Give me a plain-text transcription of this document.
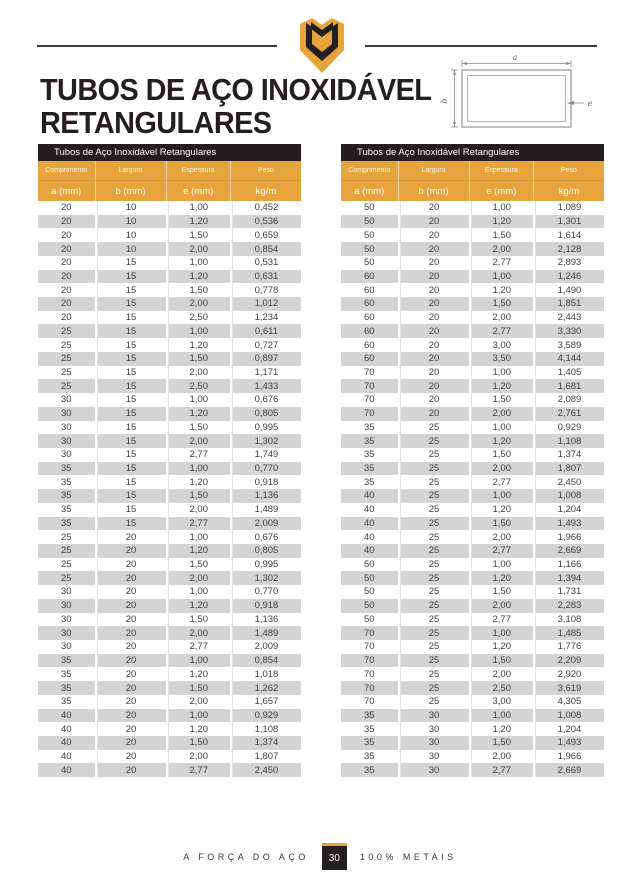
TUBOS DE AÇO INOXIDÁVEL
RETANGULARES
a
b	e
Tubos de Aço Inoxidável Retangulares
Comprimento	Largura	Espessura	Peso
a (mm)	b (mm)	e (mm)	kg/m
20	10	1,00	0,452
20	10	1,20	0,536
20	10	1,50	0,659
20	10	2,00	0,854
20	15	1,00	0,531
20	15	1,20	0,631
20	15	1,50	0,778
20	15	2,00	1,012
20	15	2,50	1,234
25	15	1,00	0,611
25	15	1,20	0,727
25	15	1,50	0,897
25	15	2,00	1,171
25	15	2,50	1,433
30	15	1,00	0,676
30	15	1,20	0,805
30	15	1,50	0,995
30	15	2,00	1,302
30	15	2,77	1,749
35	15	1,00	0,770
35	15	1,20	0,918
35	15	1,50	1,136
35	15	2,00	1,489
35	15	2,77	2,009
25	20	1,00	0,676
25	20	1,20	0,805
25	20	1,50	0,995
25	20	2,00	1,302
30	20	1,00	0,770
30	20	1,20	0,918
30	20	1,50	1,136
30	20	2,00	1,489
30	20	2,77	2,009
35	20	1,00	0,854
35	20	1,20	1,018
35	20	1,50	1,262
35	20	2,00	1,657
40	20	1,00	0,929
40	20	1,20	1,108
40	20	1,50	1,374
40	20	2,00	1,807
40	20	2,77	2,450
Tubos de Aço Inoxidável Retangulares
Comprimento	Largura	Espessura	Peso
a (mm)	b (mm)	e (mm)	kg/m
50	20	1,00	1,089
50	20	1,20	1,301
50	20	1,50	1,614
50	20	2,00	2,128
50	20	2,77	2,893
60	20	1,00	1,246
60	20	1,20	1,490
60	20	1,50	1,851
60	20	2,00	2,443
60	20	2,77	3,330
60	20	3,00	3,589
60	20	3,50	4,144
70	20	1,00	1,405
70	20	1,20	1,681
70	20	1,50	2,089
70	20	2,00	2,761
35	25	1,00	0,929
35	25	1,20	1,108
35	25	1,50	1,374
35	25	2,00	1,807
35	25	2,77	2,450
40	25	1,00	1,008
40	25	1,20	1,204
40	25	1,50	1,493
40	25	2,00	1,966
40	25	2,77	2,669
50	25	1,00	1,166
50	25	1,20	1,394
50	25	1,50	1,731
50	25	2,00	2,283
50	25	2,77	3,108
70	25	1,00	1,485
70	25	1,20	1,776
70	25	1,50	2,209
70	25	2,00	2,920
70	25	2,50	3,619
70	25	3,00	4,305
35	30	1,00	1,008
35	30	1,20	1,204
35	30	1,50	1,493
35	30	2,00	1,966
35	30	2,77	2,669
A FORÇA DO AÇO	30	100% METAIS
